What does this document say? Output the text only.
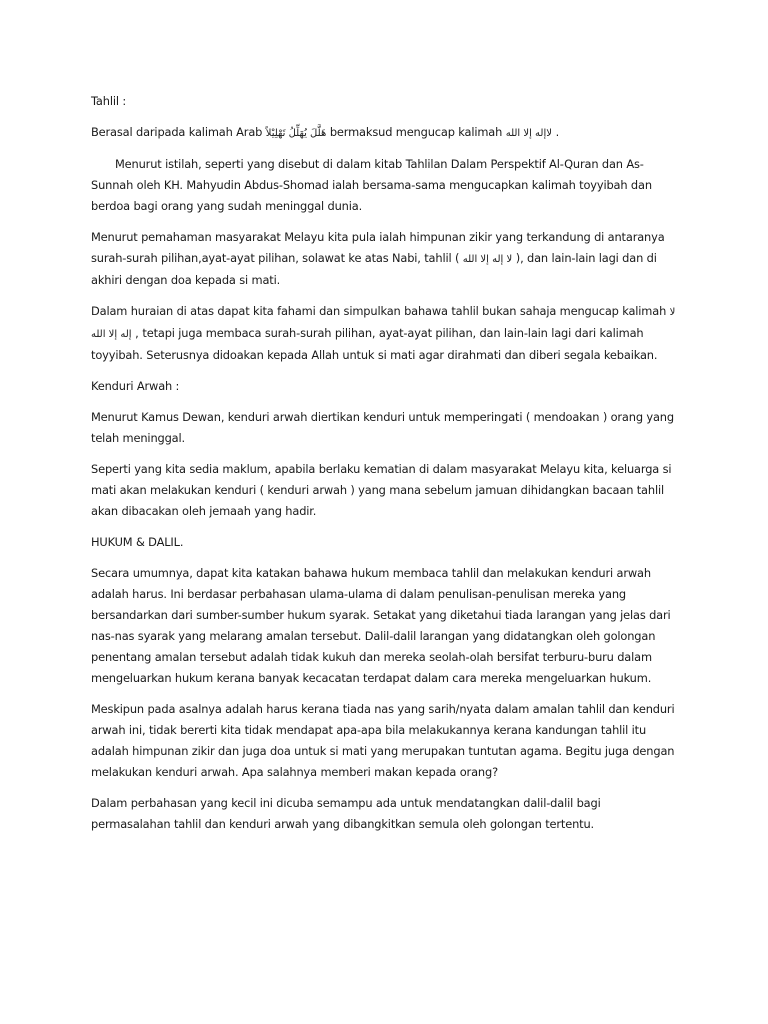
Tahlil :

Berasal daripada kalimah Arab هَلَّلَ يُهَلِّلُ تَهْلِيْلاً bermaksud mengucap kalimah لاإله إلا الله .

Menurut istilah, seperti yang disebut di dalam kitab Tahlilan Dalam Perspektif Al-Quran dan As-Sunnah oleh KH. Mahyudin Abdus-Shomad ialah bersama-sama mengucapkan kalimah toyyibah dan berdoa bagi orang yang sudah meninggal dunia.

Menurut pemahaman masyarakat Melayu kita pula ialah himpunan zikir yang terkandung di antaranya surah-surah pilihan,ayat-ayat pilihan, solawat ke atas Nabi, tahlil ( لا إله إلا الله ), dan lain-lain lagi dan di akhiri dengan doa kepada si mati.

Dalam huraian di atas dapat kita fahami dan simpulkan bahawa tahlil bukan sahaja mengucap kalimah لا إله إلا الله , tetapi juga membaca surah-surah pilihan, ayat-ayat pilihan, dan lain-lain lagi dari kalimah toyyibah. Seterusnya didoakan kepada Allah untuk si mati agar dirahmati dan diberi segala kebaikan.

Kenduri Arwah :

Menurut Kamus Dewan, kenduri arwah diertikan kenduri untuk memperingati ( mendoakan ) orang yang telah meninggal.

Seperti yang kita sedia maklum, apabila berlaku kematian di dalam masyarakat Melayu kita, keluarga si mati akan melakukan kenduri ( kenduri arwah ) yang mana sebelum jamuan dihidangkan bacaan tahlil akan dibacakan oleh jemaah yang hadir.

HUKUM & DALIL.

Secara umumnya, dapat kita katakan bahawa hukum membaca tahlil dan melakukan kenduri arwah adalah harus. Ini berdasar perbahasan ulama-ulama di dalam penulisan-penulisan mereka yang bersandarkan dari sumber-sumber hukum syarak. Setakat yang diketahui tiada larangan yang jelas dari nas-nas syarak yang melarang amalan tersebut. Dalil-dalil larangan yang didatangkan oleh golongan penentang amalan tersebut adalah tidak kukuh dan mereka seolah-olah bersifat terburu-buru dalam mengeluarkan hukum kerana banyak kecacatan terdapat dalam cara mereka mengeluarkan hukum.

Meskipun pada asalnya adalah harus kerana tiada nas yang sarih/nyata dalam amalan tahlil dan kenduri arwah ini, tidak bererti kita tidak mendapat apa-apa bila melakukannya kerana kandungan tahlil itu adalah himpunan zikir dan juga doa untuk si mati yang merupakan tuntutan agama. Begitu juga dengan melakukan kenduri arwah. Apa salahnya memberi makan kepada orang?

Dalam perbahasan yang kecil ini dicuba semampu ada untuk mendatangkan dalil-dalil bagi permasalahan tahlil dan kenduri arwah yang dibangkitkan semula oleh golongan tertentu.
